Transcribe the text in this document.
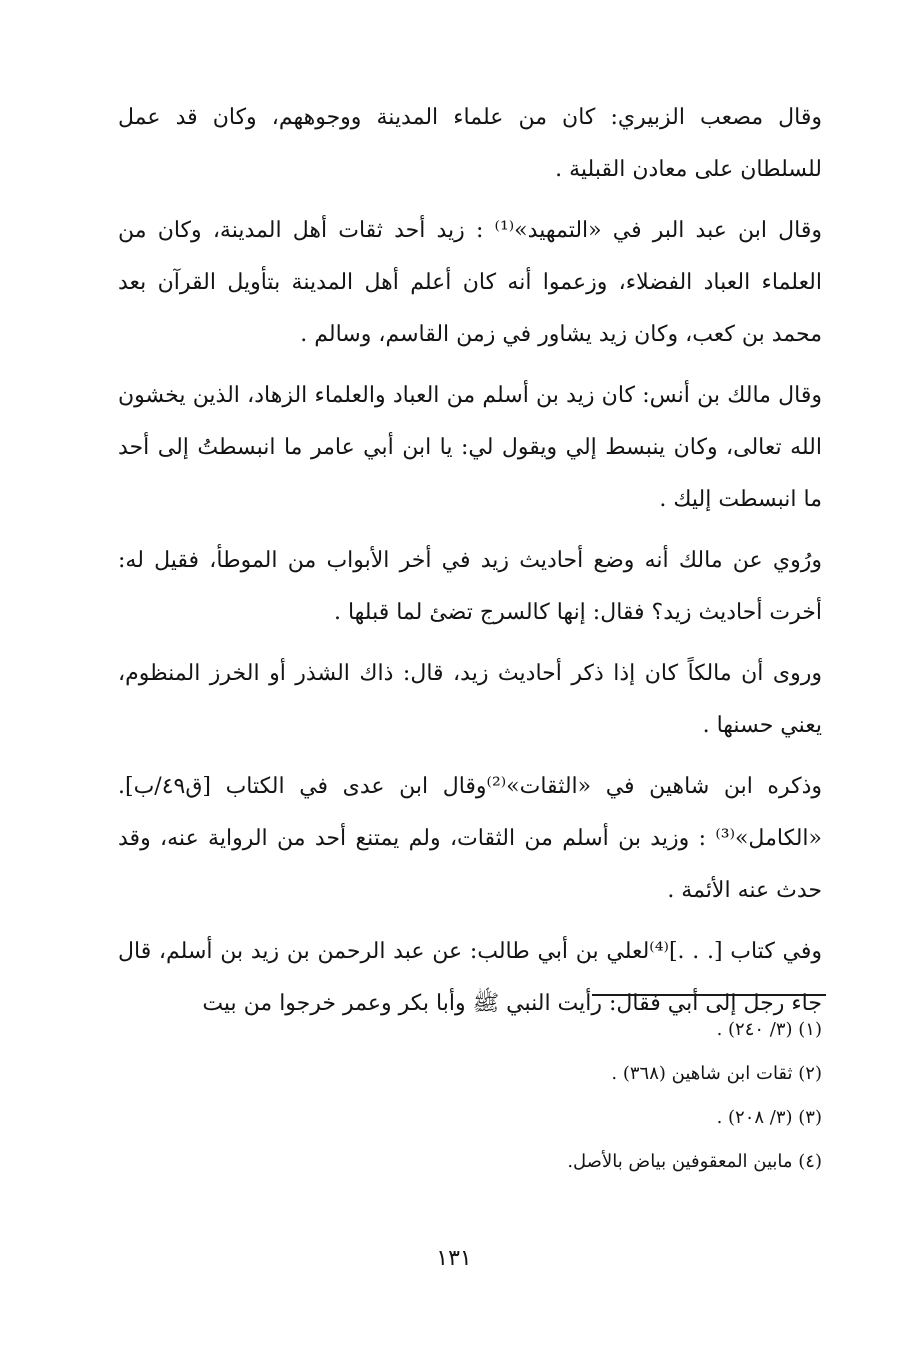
وقال مصعب الزبيري: كان من علماء المدينة ووجوههم، وكان قد عمل للسلطان على معادن القبلية .

وقال ابن عبد البر في «التمهيد»⁽¹⁾ : زيد أحد ثقات أهل المدينة، وكان من العلماء العباد الفضلاء، وزعموا أنه كان أعلم أهل المدينة بتأويل القرآن بعد محمد بن كعب، وكان زيد يشاور في زمن القاسم، وسالم .

وقال مالك بن أنس: كان زيد بن أسلم من العباد والعلماء الزهاد، الذين يخشون الله تعالى، وكان ينبسط إلي ويقول لي: يا ابن أبي عامر ما انبسطتُ إلى أحد ما انبسطت إليك .

ورُوي عن مالك أنه وضع أحاديث زيد في أخر الأبواب من الموطأ، فقيل له: أخرت أحاديث زيد؟ فقال: إنها كالسرج تضئ لما قبلها .

وروى أن مالكاً كان إذا ذكر أحاديث زيد، قال: ذاك الشذر أو الخرز المنظوم، يعني حسنها .

وذكره ابن شاهين في «الثقات»⁽²⁾وقال ابن عدى في الكتاب [ق٤٩/ب]. «الكامل»⁽³⁾ : وزيد بن أسلم من الثقات، ولم يمتنع أحد من الرواية عنه، وقد حدث عنه الأئمة .

وفي كتاب [. . .]⁽⁴⁾لعلي بن أبي طالب: عن عبد الرحمن بن زيد بن أسلم، قال جاء رجل إلى أبي فقال: رأيت النبي ﷺ وأبا بكر وعمر خرجوا من بيت

(١) (٣/ ٢٤٠) .

(٢) ثقات ابن شاهين (٣٦٨) .

(٣) (٣/ ٢٠٨) .

(٤) مابين المعقوفين بياض بالأصل.

١٣١
